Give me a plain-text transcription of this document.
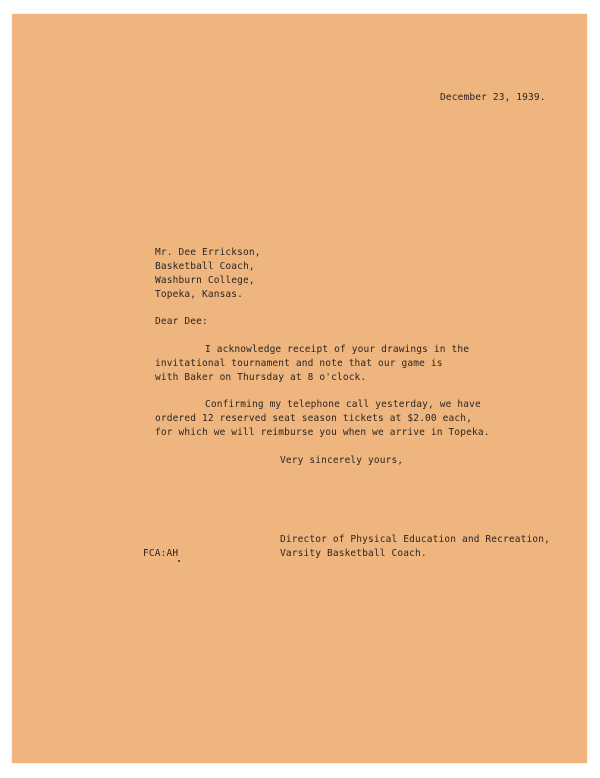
December 23, 1939.
Mr. Dee Errickson,
Basketball Coach,
Washburn College,
Topeka, Kansas.
Dear Dee:
I acknowledge receipt of your drawings in the
invitational tournament and note that our game is
with Baker on Thursday at 8 o'clock.
Confirming my telephone call yesterday, we have
ordered 12 reserved seat season tickets at $2.00 each,
for which we will reimburse you when we arrive in Topeka.
Very sincerely yours,
Director of Physical Education and Recreation,
Varsity Basketball Coach.
FCA:AH
